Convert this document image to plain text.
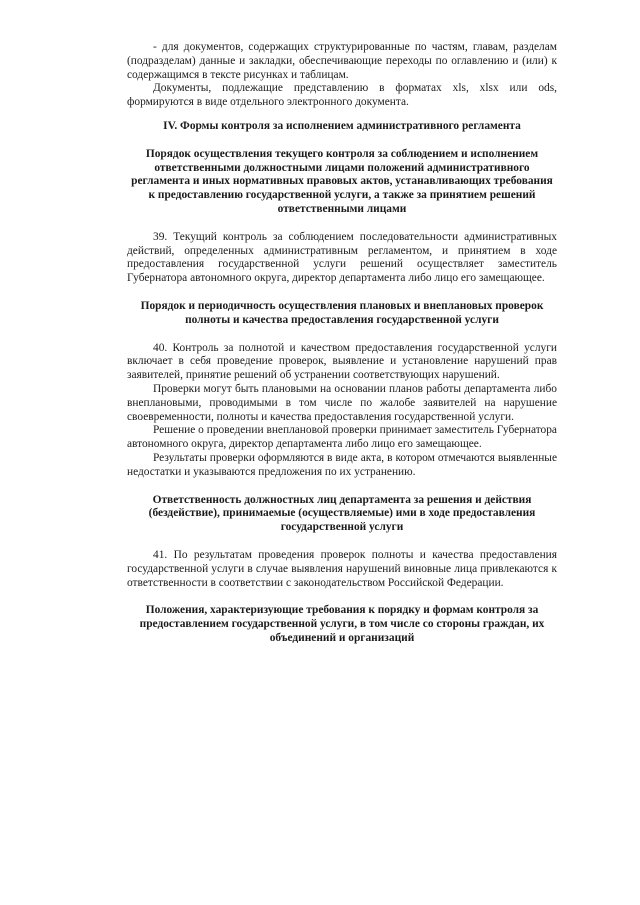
- для документов, содержащих структурированные по частям, главам, разделам (подразделам) данные и закладки, обеспечивающие переходы по оглавлению и (или) к содержащимся в тексте рисунках и таблицам.

Документы, подлежащие представлению в форматах xls, xlsx или ods, формируются в виде отдельного электронного документа.

IV. Формы контроля за исполнением административного регламента

Порядок осуществления текущего контроля за соблюдением и исполнением ответственными должностными лицами положений административного регламента и иных нормативных правовых актов, устанавливающих требования к предоставлению государственной услуги, а также за принятием решений ответственными лицами

39. Текущий контроль за соблюдением последовательности административных действий, определенных административным регламентом, и принятием в ходе предоставления государственной услуги решений осуществляет заместитель Губернатора автономного округа, директор департамента либо лицо его замещающее.

Порядок и периодичность осуществления плановых и внеплановых проверок полноты и качества предоставления государственной услуги

40. Контроль за полнотой и качеством предоставления государственной услуги включает в себя проведение проверок, выявление и установление нарушений прав заявителей, принятие решений об устранении соответствующих нарушений.

Проверки могут быть плановыми на основании планов работы департамента либо внеплановыми, проводимыми в том числе по жалобе заявителей на нарушение своевременности, полноты и качества предоставления государственной услуги.

Решение о проведении внеплановой проверки принимает заместитель Губернатора автономного округа, директор департамента либо лицо его замещающее.

Результаты проверки оформляются в виде акта, в котором отмечаются выявленные недостатки и указываются предложения по их устранению.

Ответственность должностных лиц департамента за решения и действия (бездействие), принимаемые (осуществляемые) ими в ходе предоставления государственной услуги

41. По результатам проведения проверок полноты и качества предоставления государственной услуги в случае выявления нарушений виновные лица привлекаются к ответственности в соответствии с законодательством Российской Федерации.

Положения, характеризующие требования к порядку и формам контроля за предоставлением государственной услуги, в том числе со стороны граждан, их объединений и организаций
